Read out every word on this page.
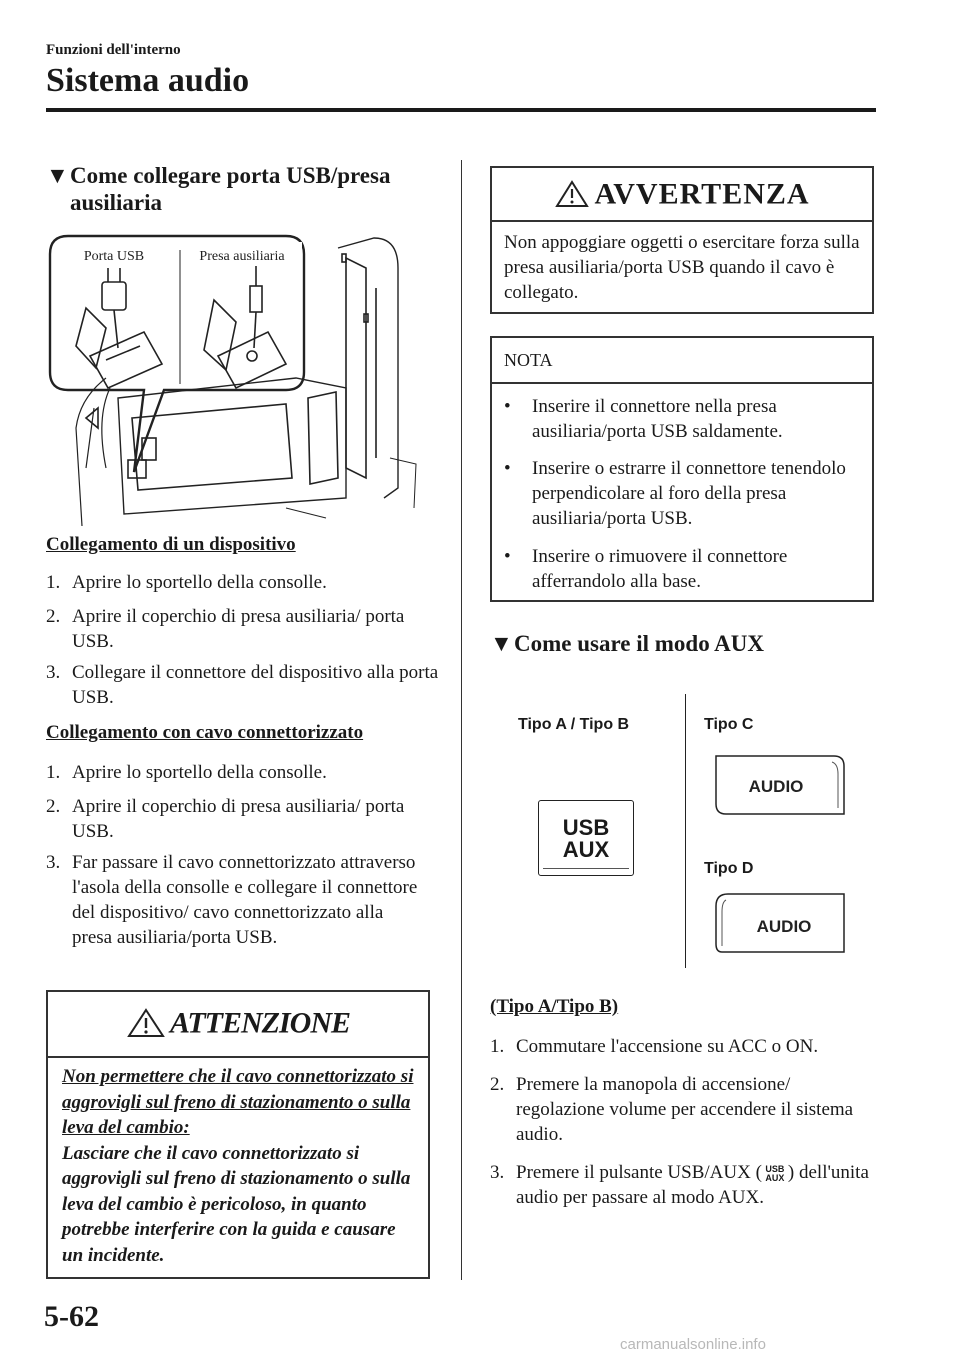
Funzioni dell'interno
Sistema audio
▼Come collegare porta USB/presa
ausiliaria
Porta USB	Presa ausiliaria
Collegamento di un dispositivo
1. Aprire lo sportello della consolle.
2. Aprire il coperchio di presa ausiliaria/ porta USB.
3. Collegare il connettore del dispositivo alla porta USB.
Collegamento con cavo connettorizzato
1. Aprire lo sportello della consolle.
2. Aprire il coperchio di presa ausiliaria/ porta USB.
3. Far passare il cavo connettorizzato attraverso l'asola della consolle e collegare il connettore del dispositivo/ cavo connettorizzato alla presa ausiliaria/porta USB.
ATTENZIONE
Non permettere che il cavo connettorizzato si aggrovigli sul freno di stazionamento o sulla leva del cambio:
Lasciare che il cavo connettorizzato si aggrovigli sul freno di stazionamento o sulla leva del cambio è pericoloso, in quanto potrebbe interferire con la guida e causare un incidente.
AVVERTENZA
Non appoggiare oggetti o esercitare forza sulla presa ausiliaria/porta USB quando il cavo è collegato.
NOTA
•	Inserire il connettore nella presa ausiliaria/porta USB saldamente.
•	Inserire o estrarre il connettore tenendolo perpendicolare al foro della presa ausiliaria/porta USB.
•	Inserire o rimuovere il connettore afferrandolo alla base.
▼Come usare il modo AUX
Tipo A / Tipo B	Tipo C
Tipo D
USB
AUX
AUDIO
AUDIO
(Tipo A/Tipo B)
1. Commutare l'accensione su ACC o ON.
2. Premere la manopola di accensione/ regolazione volume per accendere il sistema audio.
3. Premere il pulsante USB/AUX ( USB
AUX ) dell'unita audio per passare al modo AUX.
5-62
carmanualsonline.info
